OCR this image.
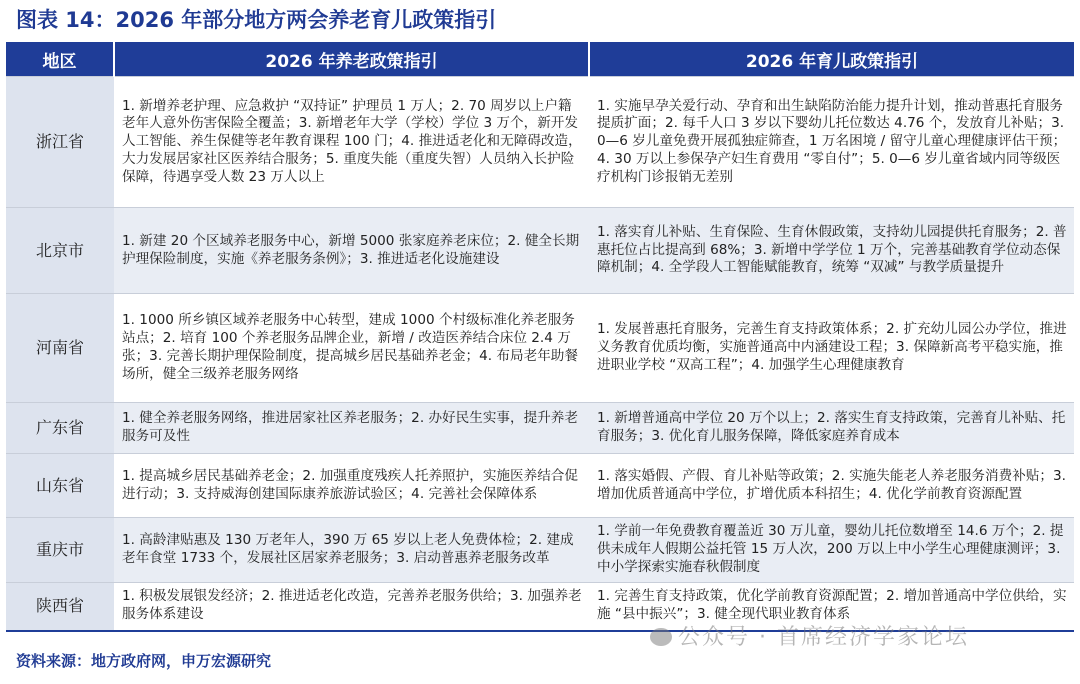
图表 14：2026 年部分地方两会养老育儿政策指引
地区	2026 年养老政策指引	2026 年育儿政策指引
浙江省	1. 新增养老护理、应急救护 “双持证” 护理员 1 万人；2. 70 周岁以上户籍老年人意外伤害保险全覆盖；3. 新增老年大学（学校）学位 3 万个，新开发人工智能、养生保健等老年教育课程 100 门；4. 推进适老化和无障碍改造，大力发展居家社区医养结合服务；5. 重度失能（重度失智）人员纳入长护险保障，待遇享受人数 23 万人以上	1. 实施早孕关爱行动、孕育和出生缺陷防治能力提升计划，推动普惠托育服务提质扩面；2. 每千人口 3 岁以下婴幼儿托位数达 4.76 个，发放育儿补贴；3. 0—6 岁儿童免费开展孤独症筛查，1 万名困境 / 留守儿童心理健康评估干预；4. 30 万以上参保孕产妇生育费用 “零自付”；5. 0—6 岁儿童省域内同等级医疗机构门诊报销无差别
北京市	1. 新建 20 个区域养老服务中心，新增 5000 张家庭养老床位；2. 健全长期护理保险制度，实施《养老服务条例》；3. 推进适老化设施建设	1. 落实育儿补贴、生育保险、生育休假政策，支持幼儿园提供托育服务；2. 普惠托位占比提高到 68%；3. 新增中学学位 1 万个，完善基础教育学位动态保障机制；4. 全学段人工智能赋能教育，统筹 “双减” 与教学质量提升
河南省	1. 1000 所乡镇区域养老服务中心转型，建成 1000 个村级标准化养老服务站点；2. 培育 100 个养老服务品牌企业，新增 / 改造医养结合床位 2.4 万张；3. 完善长期护理保险制度，提高城乡居民基础养老金；4. 布局老年助餐场所，健全三级养老服务网络	1. 发展普惠托育服务，完善生育支持政策体系；2. 扩充幼儿园公办学位，推进义务教育优质均衡，实施普通高中内涵建设工程；3. 保障新高考平稳实施，推进职业学校 “双高工程”；4. 加强学生心理健康教育
广东省	1. 健全养老服务网络，推进居家社区养老服务；2. 办好民生实事，提升养老服务可及性	1. 新增普通高中学位 20 万个以上；2. 落实生育支持政策，完善育儿补贴、托育服务；3. 优化育儿服务保障，降低家庭养育成本
山东省	1. 提高城乡居民基础养老金；2. 加强重度残疾人托养照护，实施医养结合促进行动；3. 支持威海创建国际康养旅游试验区；4. 完善社会保障体系	1. 落实婚假、产假、育儿补贴等政策；2. 实施失能老人养老服务消费补贴；3. 增加优质普通高中学位，扩增优质本科招生；4. 优化学前教育资源配置
重庆市	1. 高龄津贴惠及 130 万老年人，390 万 65 岁以上老人免费体检；2. 建成老年食堂 1733 个，发展社区居家养老服务；3. 启动普惠养老服务改革	1. 学前一年免费教育覆盖近 30 万儿童，婴幼儿托位数增至 14.6 万个；2. 提供未成年人假期公益托管 15 万人次，200 万以上中小学生心理健康测评；3. 中小学探索实施春秋假制度
陕西省	1. 积极发展银发经济；2. 推进适老化改造，完善养老服务供给；3. 加强养老服务体系建设	1. 完善生育支持政策，优化学前教育资源配置；2. 增加普通高中学位供给，实施 “县中振兴”；3. 健全现代职业教育体系
公众号 · 首席经济学家论坛
资料来源：地方政府网，申万宏源研究
